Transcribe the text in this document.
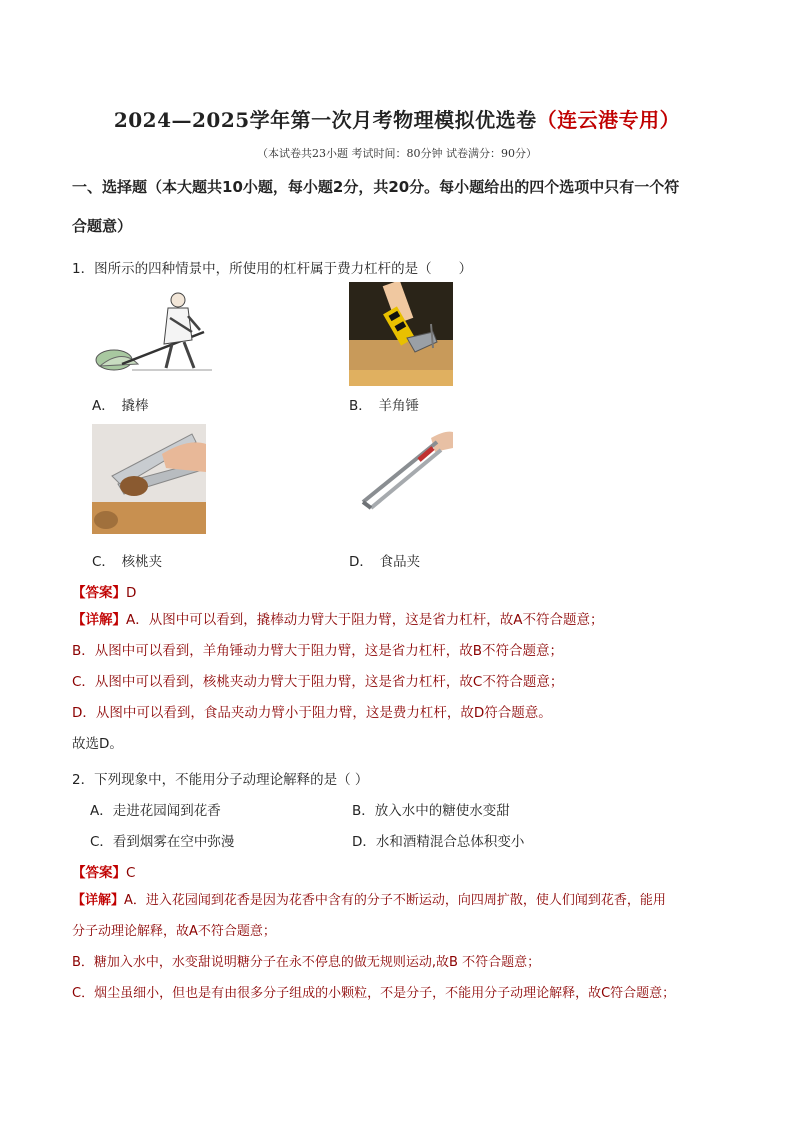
2024—2025学年第一次月考物理模拟优选卷（连云港专用）
（本试卷共23小题 考试时间：80分钟 试卷满分：90分）
一、选择题（本大题共10小题，每小题2分，共20分。每小题给出的四个选项中只有一个符
合题意）
1．图所示的四种情景中，所使用的杠杆属于费力杠杆的是（　　）
A．　撬棒	B．　羊角锤
C．　核桃夹	D．　食品夹
【答案】D
【详解】A．从图中可以看到，撬棒动力臂大于阻力臂，这是省力杠杆，故A不符合题意；
B．从图中可以看到，羊角锤动力臂大于阻力臂，这是省力杠杆，故B不符合题意；
C．从图中可以看到，核桃夹动力臂大于阻力臂，这是省力杠杆，故C不符合题意；
D．从图中可以看到，食品夹动力臂小于阻力臂，这是费力杠杆，故D符合题意。
故选D。
2．下列现象中，不能用分子动理论解释的是（ ）
A．走进花园闻到花香	B．放入水中的糖使水变甜
C．看到烟雾在空中弥漫	D．水和酒精混合总体积变小
【答案】C
【详解】A．进入花园闻到花香是因为花香中含有的分子不断运动，向四周扩散，使人们闻到花香，能用
分子动理论解释，故A不符合题意；
B．糖加入水中，水变甜说明糖分子在永不停息的做无规则运动,故B 不符合题意；
C．烟尘虽细小，但也是有由很多分子组成的小颗粒，不是分子，不能用分子动理论解释，故C符合题意；
